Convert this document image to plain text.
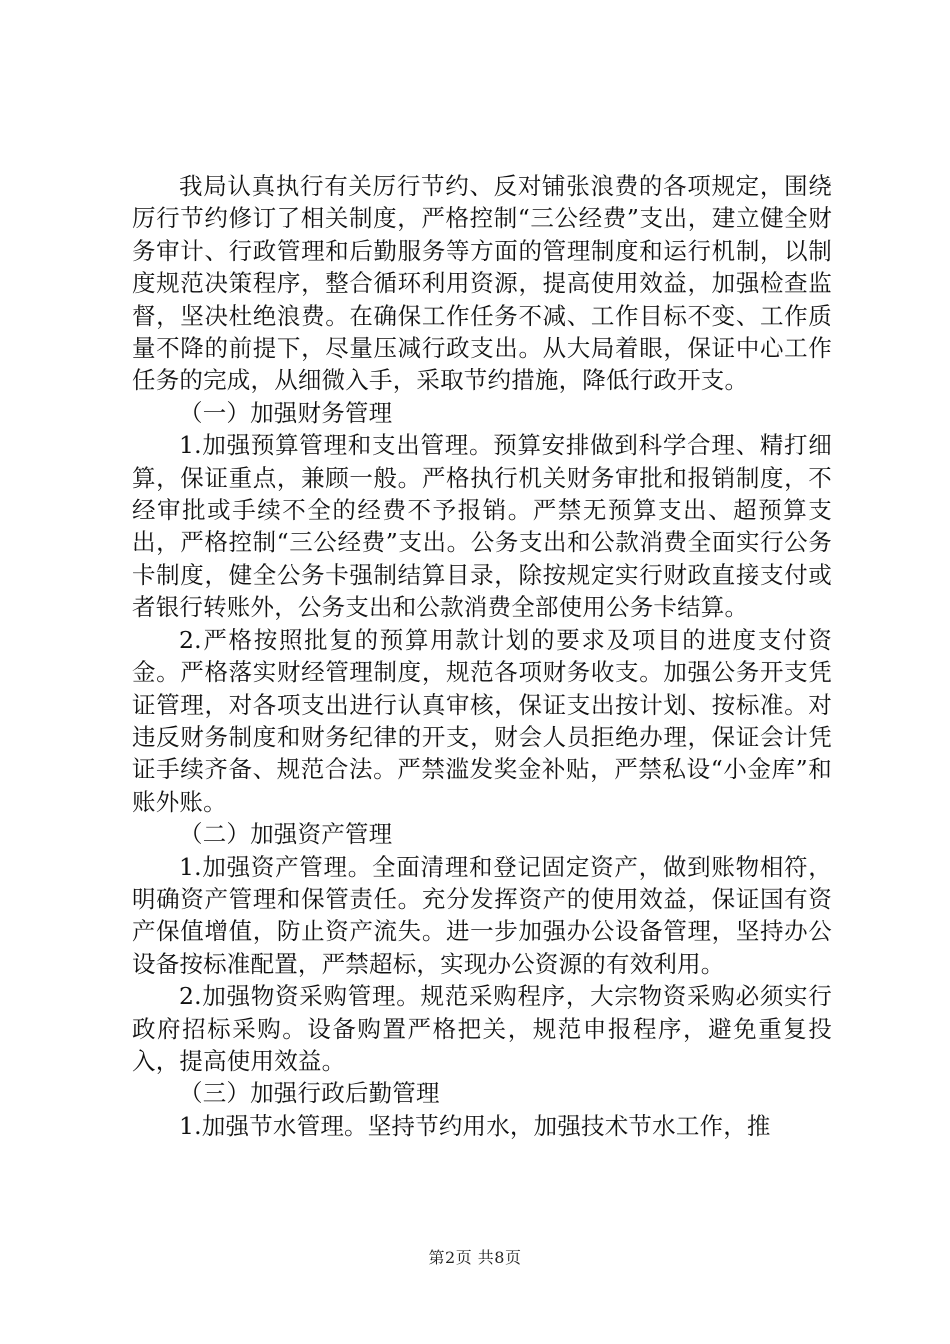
我局认真执行有关厉行节约、反对铺张浪费的各项规定，围绕厉行节约修订了相关制度，严格控制“三公经费”支出，建立健全财务审计、行政管理和后勤服务等方面的管理制度和运行机制，以制度规范决策程序，整合循环利用资源，提高使用效益，加强检查监督，坚决杜绝浪费。在确保工作任务不减、工作目标不变、工作质量不降的前提下，尽量压减行政支出。从大局着眼，保证中心工作任务的完成，从细微入手，采取节约措施，降低行政开支。

（一）加强财务管理

1.加强预算管理和支出管理。预算安排做到科学合理、精打细算，保证重点，兼顾一般。严格执行机关财务审批和报销制度，不经审批或手续不全的经费不予报销。严禁无预算支出、超预算支出，严格控制“三公经费”支出。公务支出和公款消费全面实行公务卡制度，健全公务卡强制结算目录，除按规定实行财政直接支付或者银行转账外，公务支出和公款消费全部使用公务卡结算。

2.严格按照批复的预算用款计划的要求及项目的进度支付资金。严格落实财经管理制度，规范各项财务收支。加强公务开支凭证管理，对各项支出进行认真审核，保证支出按计划、按标准。对违反财务制度和财务纪律的开支，财会人员拒绝办理，保证会计凭证手续齐备、规范合法。严禁滥发奖金补贴，严禁私设“小金库”和账外账。

（二）加强资产管理

1.加强资产管理。全面清理和登记固定资产，做到账物相符，明确资产管理和保管责任。充分发挥资产的使用效益，保证国有资产保值增值，防止资产流失。进一步加强办公设备管理，坚持办公设备按标准配置，严禁超标，实现办公资源的有效利用。

2.加强物资采购管理。规范采购程序，大宗物资采购必须实行政府招标采购。设备购置严格把关，规范申报程序，避免重复投入，提高使用效益。

（三）加强行政后勤管理

1.加强节水管理。坚持节约用水，加强技术节水工作，推

第2页 共8页
